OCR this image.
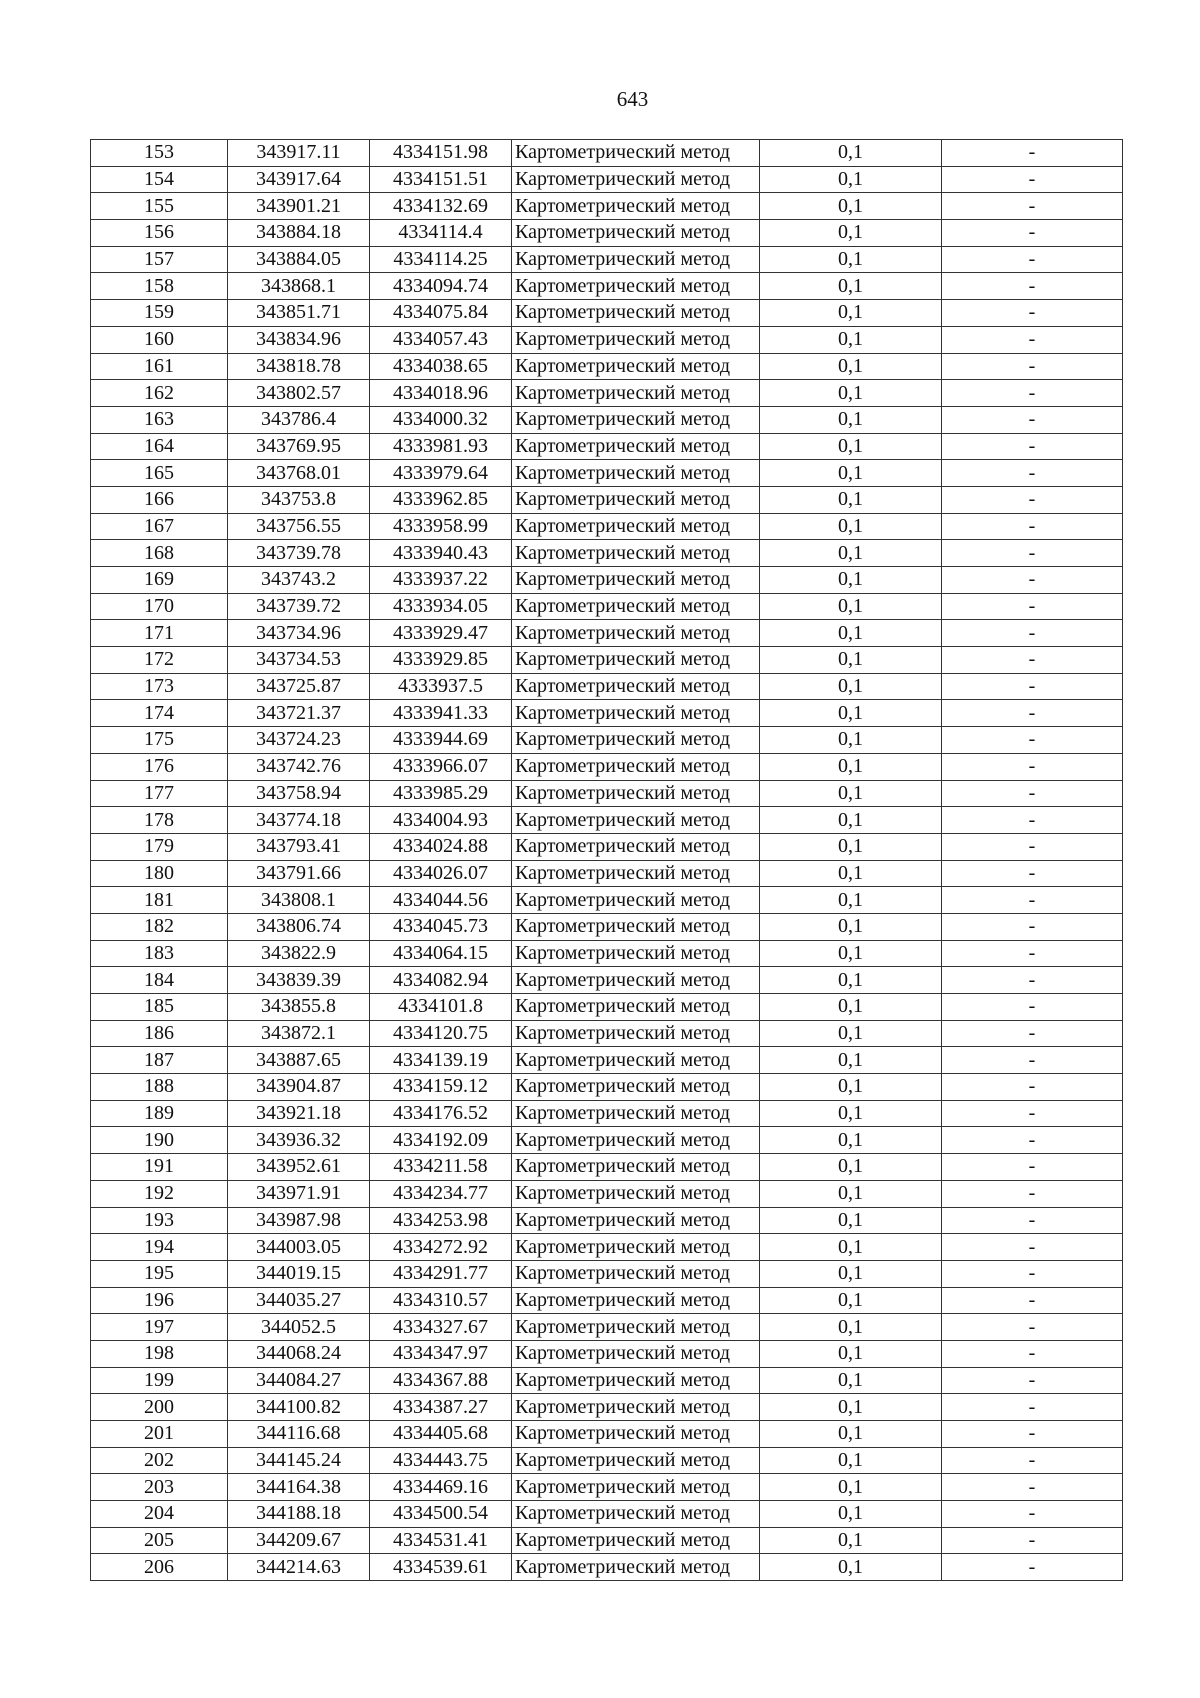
643
153	343917.11	4334151.98	Картометрический метод	0,1	-
154	343917.64	4334151.51	Картометрический метод	0,1	-
155	343901.21	4334132.69	Картометрический метод	0,1	-
156	343884.18	4334114.4	Картометрический метод	0,1	-
157	343884.05	4334114.25	Картометрический метод	0,1	-
158	343868.1	4334094.74	Картометрический метод	0,1	-
159	343851.71	4334075.84	Картометрический метод	0,1	-
160	343834.96	4334057.43	Картометрический метод	0,1	-
161	343818.78	4334038.65	Картометрический метод	0,1	-
162	343802.57	4334018.96	Картометрический метод	0,1	-
163	343786.4	4334000.32	Картометрический метод	0,1	-
164	343769.95	4333981.93	Картометрический метод	0,1	-
165	343768.01	4333979.64	Картометрический метод	0,1	-
166	343753.8	4333962.85	Картометрический метод	0,1	-
167	343756.55	4333958.99	Картометрический метод	0,1	-
168	343739.78	4333940.43	Картометрический метод	0,1	-
169	343743.2	4333937.22	Картометрический метод	0,1	-
170	343739.72	4333934.05	Картометрический метод	0,1	-
171	343734.96	4333929.47	Картометрический метод	0,1	-
172	343734.53	4333929.85	Картометрический метод	0,1	-
173	343725.87	4333937.5	Картометрический метод	0,1	-
174	343721.37	4333941.33	Картометрический метод	0,1	-
175	343724.23	4333944.69	Картометрический метод	0,1	-
176	343742.76	4333966.07	Картометрический метод	0,1	-
177	343758.94	4333985.29	Картометрический метод	0,1	-
178	343774.18	4334004.93	Картометрический метод	0,1	-
179	343793.41	4334024.88	Картометрический метод	0,1	-
180	343791.66	4334026.07	Картометрический метод	0,1	-
181	343808.1	4334044.56	Картометрический метод	0,1	-
182	343806.74	4334045.73	Картометрический метод	0,1	-
183	343822.9	4334064.15	Картометрический метод	0,1	-
184	343839.39	4334082.94	Картометрический метод	0,1	-
185	343855.8	4334101.8	Картометрический метод	0,1	-
186	343872.1	4334120.75	Картометрический метод	0,1	-
187	343887.65	4334139.19	Картометрический метод	0,1	-
188	343904.87	4334159.12	Картометрический метод	0,1	-
189	343921.18	4334176.52	Картометрический метод	0,1	-
190	343936.32	4334192.09	Картометрический метод	0,1	-
191	343952.61	4334211.58	Картометрический метод	0,1	-
192	343971.91	4334234.77	Картометрический метод	0,1	-
193	343987.98	4334253.98	Картометрический метод	0,1	-
194	344003.05	4334272.92	Картометрический метод	0,1	-
195	344019.15	4334291.77	Картометрический метод	0,1	-
196	344035.27	4334310.57	Картометрический метод	0,1	-
197	344052.5	4334327.67	Картометрический метод	0,1	-
198	344068.24	4334347.97	Картометрический метод	0,1	-
199	344084.27	4334367.88	Картометрический метод	0,1	-
200	344100.82	4334387.27	Картометрический метод	0,1	-
201	344116.68	4334405.68	Картометрический метод	0,1	-
202	344145.24	4334443.75	Картометрический метод	0,1	-
203	344164.38	4334469.16	Картометрический метод	0,1	-
204	344188.18	4334500.54	Картометрический метод	0,1	-
205	344209.67	4334531.41	Картометрический метод	0,1	-
206	344214.63	4334539.61	Картометрический метод	0,1	-
